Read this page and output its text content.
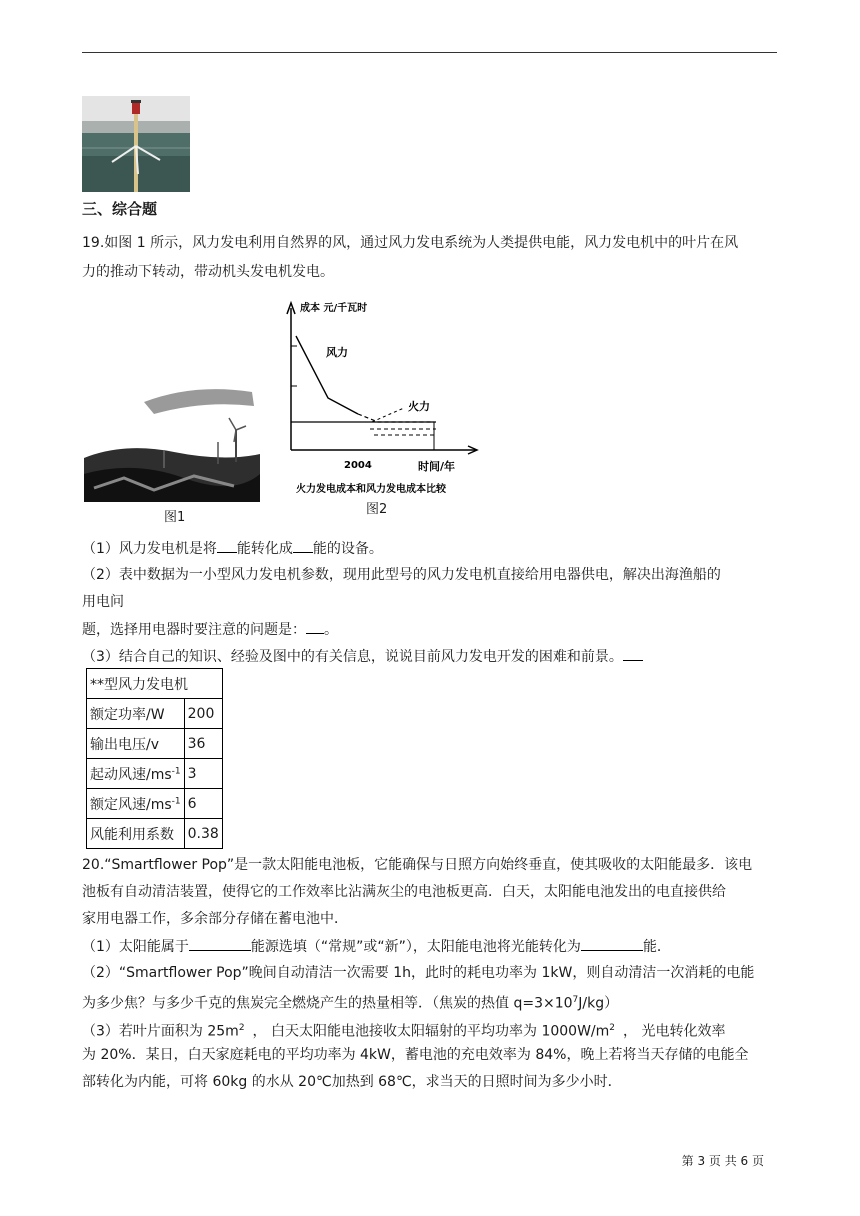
三、综合题
19.如图 1 所示，风力发电利用自然界的风，通过风力发电系统为人类提供电能，风力发电机中的叶片在风
力的推动下转动，带动机头发电机发电。
图1
成本 元/千瓦时
风力
火力
2004	时间/年
火力发电成本和风力发电成本比较
图2
（1）风力发电机是将 能转化成 能的设备。
（2）表中数据为一小型风力发电机参数，现用此型号的风力发电机直接给用电器供电，解决出海渔船的
用电问
题，选择用电器时要注意的问题是： 。
（3）结合自己的知识、经验及图中的有关信息，说说目前风力发电开发的困难和前景。
**型风力发电机	
额定功率/W	200
输出电压/v	36
起动风速$/ms^{-1}$	3
额定风速$/ms^{-1}$	6
风能利用系数	0.38
20.“Smartflower Pop”是一款太阳能电池板，它能确保与日照方向始终垂直，使其吸收的太阳能最多．该电
池板有自动清洁装置，使得它的工作效率比沾满灰尘的电池板更高．白天，太阳能电池发出的电直接供给
家用电器工作，多余部分存储在蓄电池中．
（1）太阳能属于	能源选填（“常规”或“新”），太阳能电池将光能转化为	能．
（2）“Smartflower Pop”晚间自动清洁一次需要 1h，此时的耗电功率为 1kW，则自动清洁一次消耗的电能
为多少焦？与多少千克的焦炭完全燃烧产生的热量相等．（焦炭的热值 $q=3\times 10^7J/kg$）
（3）若叶片面积为 $25m^2$ ， 白天太阳能电池接收太阳辐射的平均功率为 $1000W/m^2$ ， 光电转化效率
为 20%．某日，白天家庭耗电的平均功率为 4kW，蓄电池的充电效率为 84%，晚上若将当天存储的电能全
部转化为内能，可将 60kg 的水从 20℃加热到 68℃，求当天的日照时间为多少小时．
第 3 页 共 6 页
